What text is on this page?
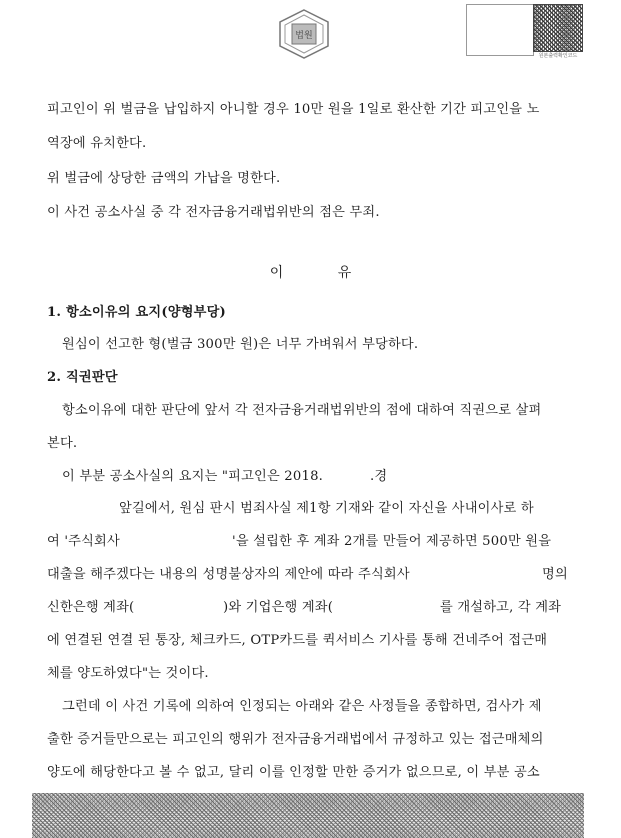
원본출력확인코드
법원
피고인이 위 벌금을 납입하지 아니할 경우 10만 원을 1일로 환산한 기간 피고인을 노
역장에 유치한다.
위 벌금에 상당한 금액의 가납을 명한다.
이 사건 공소사실 중 각 전자금융거래법위반의 점은 무죄.
이	유
1. 항소이유의 요지(양형부당)
원심이 선고한 형(벌금 300만 원)은 너무 가벼워서 부당하다.
2. 직권판단
항소이유에 대한 판단에 앞서 각 전자금융거래법위반의 점에 대하여 직권으로 살펴
본다.
이 부분 공소사실의 요지는 "피고인은 2018.	.경
앞길에서, 원심 판시 범죄사실 제1항 기재와 같이 자신을 사내이사로 하
여 '주식회사	'을 설립한 후 계좌 2개를 만들어 제공하면 500만 원을
대출을 해주겠다는 내용의 성명불상자의 제안에 따라 주식회사	명의
신한은행 계좌(	)와 기업은행 계좌(	를 개설하고, 각 계좌
에 연결된 연결 된 통장, 체크카드, OTP카드를 퀵서비스 기사를 통해 건네주어 접근매
체를 양도하였다"는 것이다.
그런데 이 사건 기록에 의하여 인정되는 아래와 같은 사정들을 종합하면, 검사가 제
출한 증거들만으로는 피고인의 행위가 전자금융거래법에서 규정하고 있는 접근매체의
양도에 해당한다고 볼 수 없고, 달리 이를 인정할 만한 증거가 없으므로, 이 부분 공소
